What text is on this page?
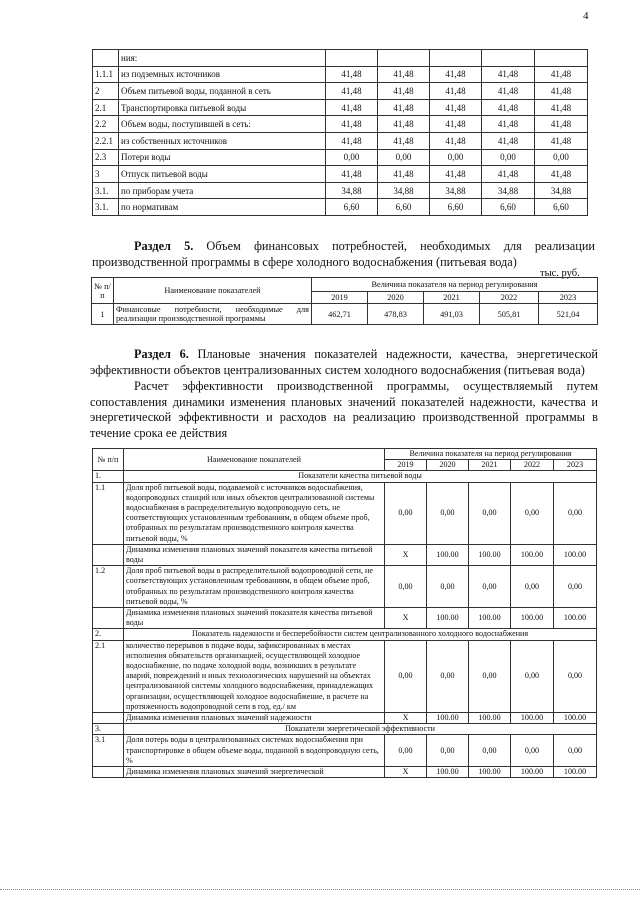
4
	ния:					
1.1.1	из подземных источников	41,48	41,48	41,48	41,48	41,48
2	Объем питьевой воды, поданной в сеть	41,48	41,48	41,48	41,48	41,48
2.1	Транспортировка питьевой воды	41,48	41,48	41,48	41,48	41,48
2.2	Объем воды, поступившей в сеть:	41,48	41,48	41,48	41,48	41,48
2.2.1	из собственных источников	41,48	41,48	41,48	41,48	41,48
2.3	Потери воды	0,00	0,00	0,00	0,00	0,00
3	Отпуск питьевой воды	41,48	41,48	41,48	41,48	41,48
3.1.	по приборам учета	34,88	34,88	34,88	34,88	34,88
3.1.	по нормативам	6,60	6,60	6,60	6,60	6,60
Раздел 5. Объем финансовых потребностей, необходимых для реализации производственной программы в сфере холодного водоснабжения (питьевая вода)
тыс. руб.
№ п/п	Наименование показателей	Величина показателя на период регулирования				
		2019	2020	2021	2022	2023
1	Финансовые потребности, необходимые для реализации производственной программы	462,71	478,83	491,03	505,81	521,04
Раздел 6. Плановые значения показателей надежности, качества, энергетической эффективности объектов централизованных систем холодного водоснабжения (питьевая вода)
Расчет эффективности производственной программы, осуществляемый путем сопоставления динамики изменения плановых значений показателей надежности, качества и энергетической эффективности и расходов на реализацию производственной программы в течение срока ее действия
№ п/п	Наименование показателей	Величина показателя на период регулирования				
		2019	2020	2021	2022	2023
1.	Показатели качества питьевой воды					
1.1	Доля проб питьевой воды, подаваемой с источников водоснабжения, водопроводных станций или иных объектов централизованной системы водоснабжения в распределительную водопроводную сеть, не соответствующих установленным требованиям, в общем объеме проб, отобранных по результатам производственного контроля качества питьевой воды, %	0,00	0,00	0,00	0,00	0,00
	Динамика изменения плановых значений показателя качества питьевой воды	X	100.00	100.00	100.00	100.00
1.2	Доля проб питьевой воды в распределительной водопроводной сети, не соответствующих установленным требованиям, в общем объеме проб, отобранных по результатам производственного контроля качества питьевой воды, %	0,00	0,00	0,00	0,00	0,00
	Динамика изменения плановых значений показателя качества питьевой воды	X	100.00	100.00	100.00	100.00
2.	Показатель надежности и бесперебойности систем централизованного холодного водоснабжения					
2.1	количество перерывов в подаче воды, зафиксированных в местах исполнения обязательств организацией, осуществляющей холодное водоснабжение, по подаче холодной воды, возникших в результате аварий, повреждений и иных технологических нарушений на объектах централизованной системы холодного водоснабжения, принадлежащих организации, осуществляющей холодное водоснабжение, в расчете на протяженность водопроводной сети в год, ед./ км	0,00	0,00	0,00	0,00	0,00
	Динамика изменения плановых значений надежности	X	100.00	100.00	100.00	100.00
3.	Показатели энергетической эффективности					
3.1	Доля потерь воды в централизованных системах водоснабжения при транспортировке в общем объеме воды, поданной в водопроводную сеть, %	0,00	0,00	0,00	0,00	0,00
	Динамика изменения плановых значений энергетической	X	100.00	100.00	100.00	100.00
